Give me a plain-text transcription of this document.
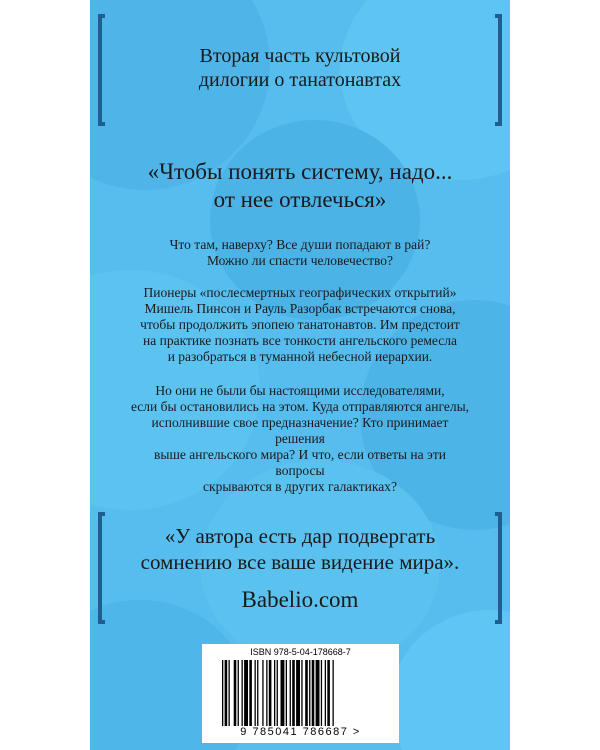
Вторая часть культовой
дилогии о танатонавтах
«Чтобы понять систему, надо...
от нее отвлечься»
Что там, наверху? Все души попадают в рай?
Можно ли спасти человечество?
Пионеры «послесмертных географических открытий»
Мишель Пинсон и Рауль Разорбак встречаются снова,
чтобы продолжить эпопею танатонавтов. Им предстоит
на практике познать все тонкости ангельского ремесла
и разобраться в туманной небесной иерархии.
Но они не были бы настоящими исследователями,
если бы остановились на этом. Куда отправляются ангелы,
исполнившие свое предназначение? Кто принимает решения
выше ангельского мира? И что, если ответы на эти вопросы
скрываются в других галактиках?
«У автора есть дар подвергать
сомнению все ваше видение мира».
Babelio.com
ISBN 978-5-04-178668-7
9 785041 786687 >
